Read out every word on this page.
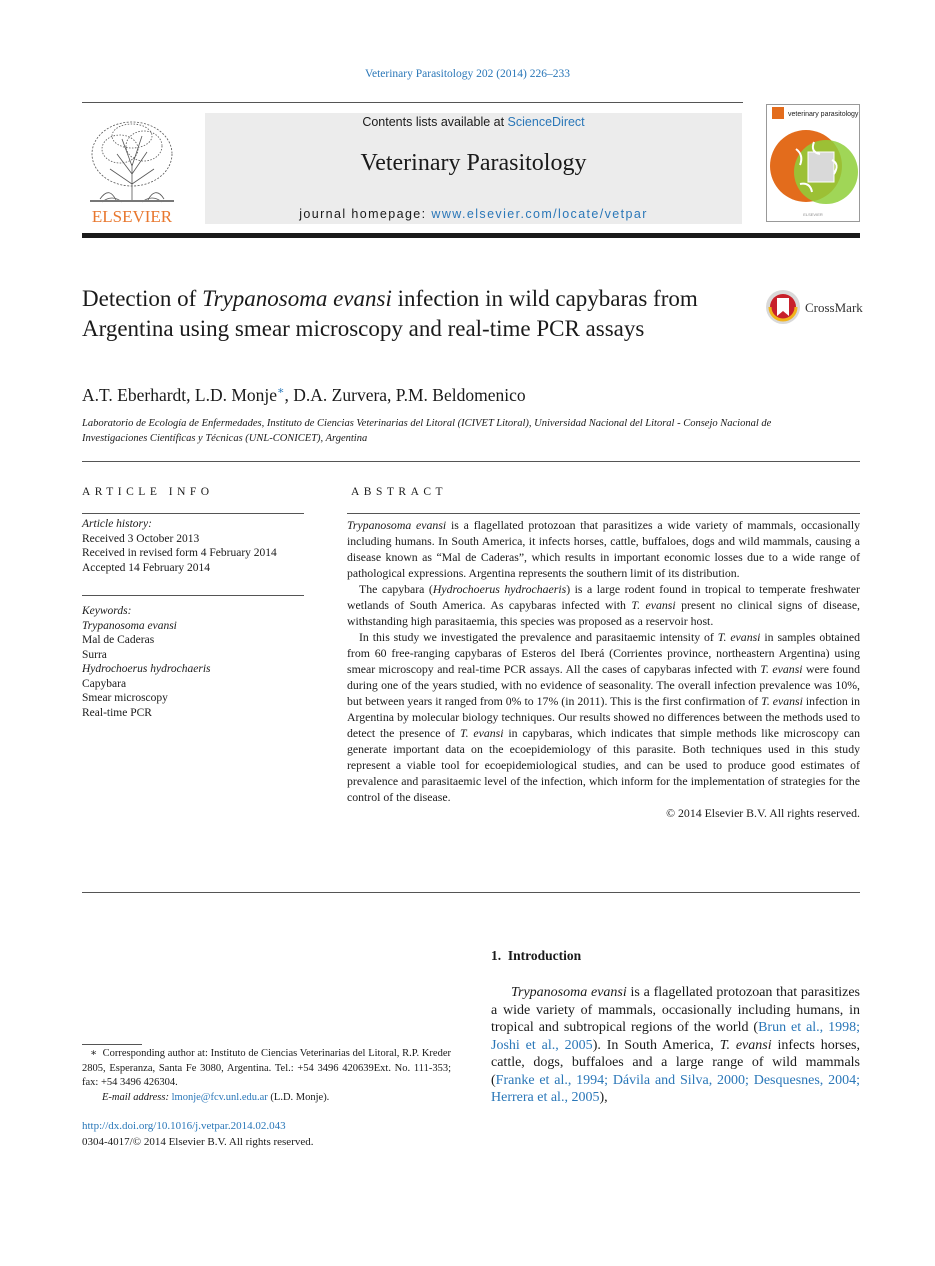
Veterinary Parasitology 202 (2014) 226–233
ELSEVIER
Contents lists available at ScienceDirect
Veterinary Parasitology
journal homepage: www.elsevier.com/locate/vetpar
veterinary parasitology
ELSEVIER
Detection of Trypanosoma evansi infection in wild capybaras from Argentina using smear microscopy and real-time PCR assays
CrossMark
A.T. Eberhardt, L.D. Monje∗, D.A. Zurvera, P.M. Beldomenico
Laboratorio de Ecología de Enfermedades, Instituto de Ciencias Veterinarias del Litoral (ICIVET Litoral), Universidad Nacional del Litoral - Consejo Nacional de Investigaciones Científicas y Técnicas (UNL-CONICET), Argentina
ARTICLE INFO	ABSTRACT
Article history:
Received 3 October 2013
Received in revised form 4 February 2014
Accepted 14 February 2014
Keywords:
Trypanosoma evansi
Mal de Caderas
Surra
Hydrochoerus hydrochaeris
Capybara
Smear microscopy
Real-time PCR

Trypanosoma evansi is a flagellated protozoan that parasitizes a wide variety of mammals, occasionally including humans. In South America, it infects horses, cattle, buffaloes, dogs and wild mammals, causing a disease known as “Mal de Caderas”, which results in important economic losses due to a wide range of pathological expressions. Argentina represents the southern limit of its distribution.

The capybara (Hydrochoerus hydrochaeris) is a large rodent found in tropical to temperate freshwater wetlands of South America. As capybaras infected with T. evansi present no clinical signs of disease, withstanding high parasitaemia, this species was proposed as a reservoir host.

In this study we investigated the prevalence and parasitaemic intensity of T. evansi in samples obtained from 60 free-ranging capybaras of Esteros del Iberá (Corrientes province, northeastern Argentina) using smear microscopy and real-time PCR assays. All the cases of capybaras infected with T. evansi were found during one of the years studied, with no evidence of seasonality. The overall infection prevalence was 10%, but between years it ranged from 0% to 17% (in 2011). This is the first confirmation of T. evansi infection in Argentina by molecular biology techniques. Our results showed no differences between the methods used to detect the presence of T. evansi in capybaras, which indicates that simple methods like microscopy can generate important data on the ecoepidemiology of this parasite. Both techniques used in this study represent a viable tool for ecoepidemiological studies, and can be used to produce good estimates of prevalence and parasitaemic level of the infection, which inform for the implementation of strategies for the control of the disease.

© 2014 Elsevier B.V. All rights reserved.

1. Introduction
Trypanosoma evansi is a flagellated protozoan that parasitizes a wide variety of mammals, occasionally including humans, in tropical and subtropical regions of the world (Brun et al., 1998; Joshi et al., 2005). In South America, T. evansi infects horses, cattle, dogs, buffaloes and a large range of wild mammals (Franke et al., 1994; Dávila and Silva, 2000; Desquesnes, 2004; Herrera et al., 2005),

∗ Corresponding author at: Instituto de Ciencias Veterinarias del Litoral, R.P. Kreder 2805, Esperanza, Santa Fe 3080, Argentina. Tel.: +54 3496 420639Ext. No. 111-353; fax: +54 3496 426304.

E-mail address: lmonje@fcv.unl.edu.ar (L.D. Monje).

http://dx.doi.org/10.1016/j.vetpar.2014.02.043
0304-4017/© 2014 Elsevier B.V. All rights reserved.
